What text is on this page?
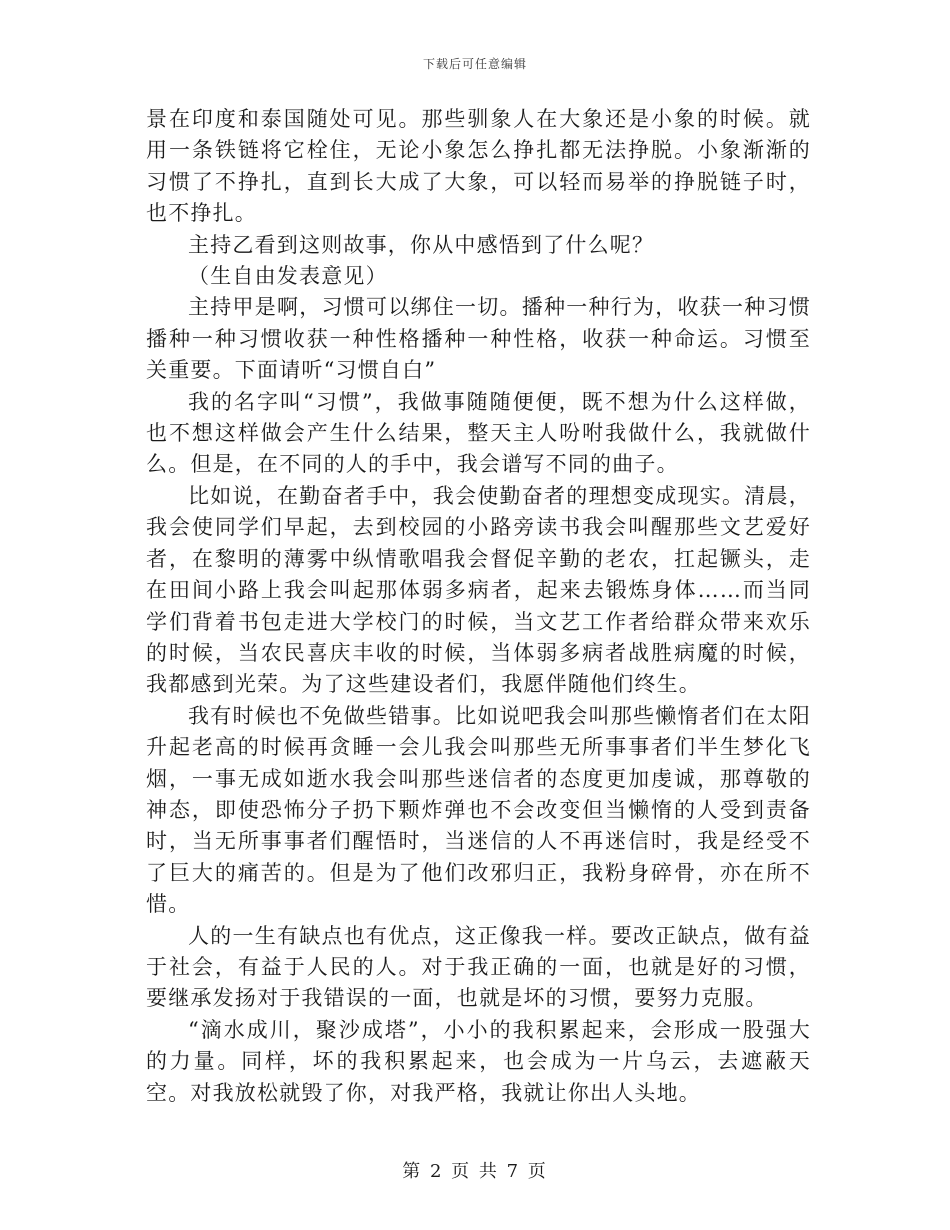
下载后可任意编辑

景在印度和泰国随处可见。那些驯象人在大象还是小象的时候。就用一条铁链将它栓住，无论小象怎么挣扎都无法挣脱。小象渐渐的习惯了不挣扎，直到长大成了大象，可以轻而易举的挣脱链子时，也不挣扎。

主持乙看到这则故事，你从中感悟到了什么呢？

（生自由发表意见）

主持甲是啊，习惯可以绑住一切。播种一种行为，收获一种习惯播种一种习惯收获一种性格播种一种性格，收获一种命运。习惯至关重要。下面请听“习惯自白”

我的名字叫“习惯”，我做事随随便便，既不想为什么这样做，也不想这样做会产生什么结果，整天主人吩咐我做什么，我就做什么。但是，在不同的人的手中，我会谱写不同的曲子。

比如说，在勤奋者手中，我会使勤奋者的理想变成现实。清晨，我会使同学们早起，去到校园的小路旁读书我会叫醒那些文艺爱好者，在黎明的薄雾中纵情歌唱我会督促辛勤的老农，扛起镢头，走在田间小路上我会叫起那体弱多病者，起来去锻炼身体……而当同学们背着书包走进大学校门的时候，当文艺工作者给群众带来欢乐的时候，当农民喜庆丰收的时候，当体弱多病者战胜病魔的时候，我都感到光荣。为了这些建设者们，我愿伴随他们终生。

我有时候也不免做些错事。比如说吧我会叫那些懒惰者们在太阳升起老高的时候再贪睡一会儿我会叫那些无所事事者们半生梦化飞烟，一事无成如逝水我会叫那些迷信者的态度更加虔诚，那尊敬的神态，即使恐怖分子扔下颗炸弹也不会改变但当懒惰的人受到责备时，当无所事事者们醒悟时，当迷信的人不再迷信时，我是经受不了巨大的痛苦的。但是为了他们改邪归正，我粉身碎骨，亦在所不惜。

人的一生有缺点也有优点，这正像我一样。要改正缺点，做有益于社会，有益于人民的人。对于我正确的一面，也就是好的习惯，要继承发扬对于我错误的一面，也就是坏的习惯，要努力克服。

“滴水成川，聚沙成塔”，小小的我积累起来，会形成一股强大的力量。同样，坏的我积累起来，也会成为一片乌云，去遮蔽天空。对我放松就毁了你，对我严格，我就让你出人头地。

第 2 页 共 7 页
